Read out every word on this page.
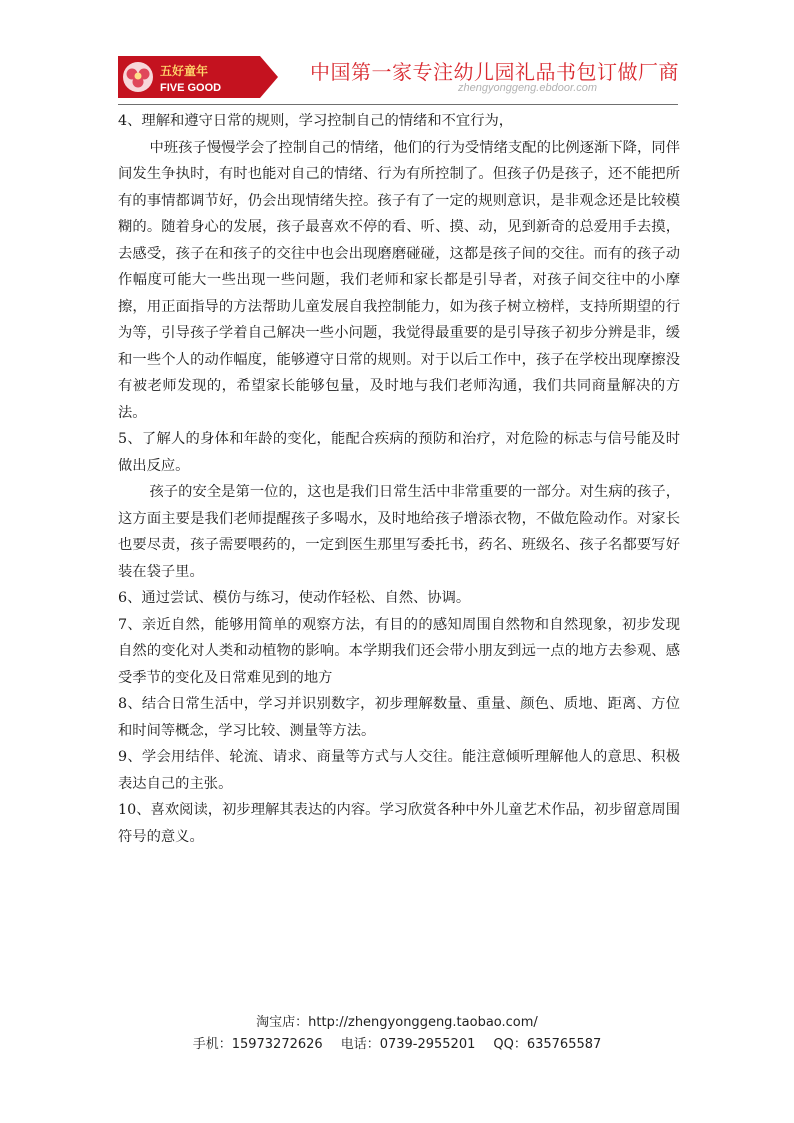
五好童年
FIVE GOOD
中国第一家专注幼儿园礼品书包订做厂商
zhengyonggeng.ebdoor.com

4、理解和遵守日常的规则，学习控制自己的情绪和不宜行为，

中班孩子慢慢学会了控制自己的情绪，他们的行为受情绪支配的比例逐渐下降，同伴间发生争执时，有时也能对自己的情绪、行为有所控制了。但孩子仍是孩子，还不能把所有的事情都调节好，仍会出现情绪失控。孩子有了一定的规则意识，是非观念还是比较模糊的。随着身心的发展，孩子最喜欢不停的看、听、摸、动，见到新奇的总爱用手去摸，去感受，孩子在和孩子的交往中也会出现磨磨碰碰，这都是孩子间的交往。而有的孩子动作幅度可能大一些出现一些问题，我们老师和家长都是引导者，对孩子间交往中的小摩擦，用正面指导的方法帮助儿童发展自我控制能力，如为孩子树立榜样，支持所期望的行为等，引导孩子学着自己解决一些小问题，我觉得最重要的是引导孩子初步分辨是非，缓和一些个人的动作幅度，能够遵守日常的规则。对于以后工作中，孩子在学校出现摩擦没有被老师发现的，希望家长能够包量，及时地与我们老师沟通，我们共同商量解决的方法。

5、了解人的身体和年龄的变化，能配合疾病的预防和治疗，对危险的标志与信号能及时做出反应。

孩子的安全是第一位的，这也是我们日常生活中非常重要的一部分。对生病的孩子，这方面主要是我们老师提醒孩子多喝水，及时地给孩子增添衣物，不做危险动作。对家长也要尽责，孩子需要喂药的，一定到医生那里写委托书，药名、班级名、孩子名都要写好装在袋子里。

6、通过尝试、模仿与练习，使动作轻松、自然、协调。

7、亲近自然，能够用简单的观察方法，有目的的感知周围自然物和自然现象，初步发现自然的变化对人类和动植物的影响。本学期我们还会带小朋友到远一点的地方去参观、感受季节的变化及日常难见到的地方

8、结合日常生活中，学习并识别数字，初步理解数量、重量、颜色、质地、距离、方位和时间等概念，学习比较、测量等方法。

9、学会用结伴、轮流、请求、商量等方式与人交往。能注意倾听理解他人的意思、积极表达自己的主张。

10、喜欢阅读，初步理解其表达的内容。学习欣赏各种中外儿童艺术作品，初步留意周围符号的意义。

淘宝店：http://zhengyonggeng.taobao.com/
手机：15973272626 电话：0739-2955201 QQ：635765587
